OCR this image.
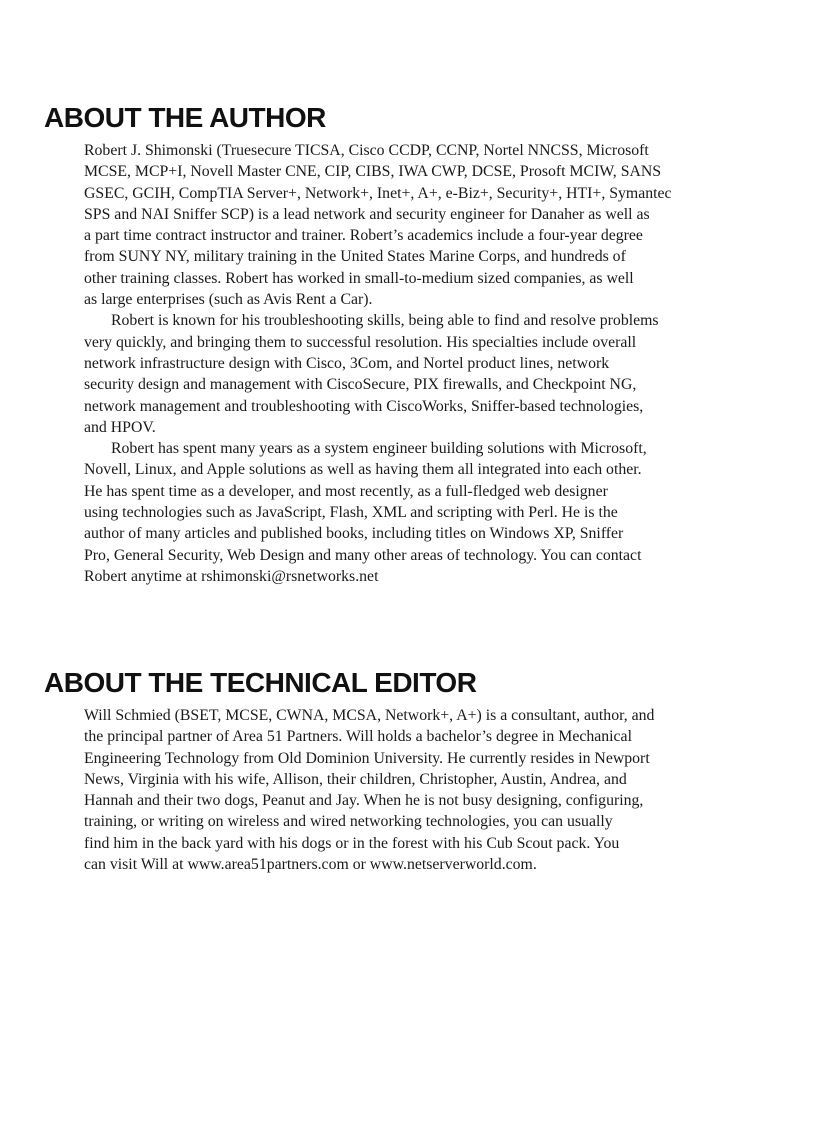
ABOUT THE AUTHOR

Robert J. Shimonski (Truesecure TICSA, Cisco CCDP, CCNP, Nortel NNCSS, Microsoft
MCSE, MCP+I, Novell Master CNE, CIP, CIBS, IWA CWP, DCSE, Prosoft MCIW, SANS
GSEC, GCIH, CompTIA Server+, Network+, Inet+, A+, e-Biz+, Security+, HTI+, Symantec
SPS and NAI Sniffer SCP) is a lead network and security engineer for Danaher as well as
a part time contract instructor and trainer. Robert’s academics include a four-year degree
from SUNY NY, military training in the United States Marine Corps, and hundreds of
other training classes. Robert has worked in small-to-medium sized companies, as well
as large enterprises (such as Avis Rent a Car).

Robert is known for his troubleshooting skills, being able to find and resolve problems
very quickly, and bringing them to successful resolution. His specialties include overall
network infrastructure design with Cisco, 3Com, and Nortel product lines, network
security design and management with CiscoSecure, PIX firewalls, and Checkpoint NG,
network management and troubleshooting with CiscoWorks, Sniffer-based technologies,
and HPOV.

Robert has spent many years as a system engineer building solutions with Microsoft,
Novell, Linux, and Apple solutions as well as having them all integrated into each other.
He has spent time as a developer, and most recently, as a full-fledged web designer
using technologies such as JavaScript, Flash, XML and scripting with Perl. He is the
author of many articles and published books, including titles on Windows XP, Sniffer
Pro, General Security, Web Design and many other areas of technology. You can contact
Robert anytime at rshimonski@rsnetworks.net

ABOUT THE TECHNICAL EDITOR

Will Schmied (BSET, MCSE, CWNA, MCSA, Network+, A+) is a consultant, author, and
the principal partner of Area 51 Partners. Will holds a bachelor’s degree in Mechanical
Engineering Technology from Old Dominion University. He currently resides in Newport
News, Virginia with his wife, Allison, their children, Christopher, Austin, Andrea, and
Hannah and their two dogs, Peanut and Jay. When he is not busy designing, configuring,
training, or writing on wireless and wired networking technologies, you can usually
find him in the back yard with his dogs or in the forest with his Cub Scout pack. You
can visit Will at www.area51partners.com or www.netserverworld.com.
